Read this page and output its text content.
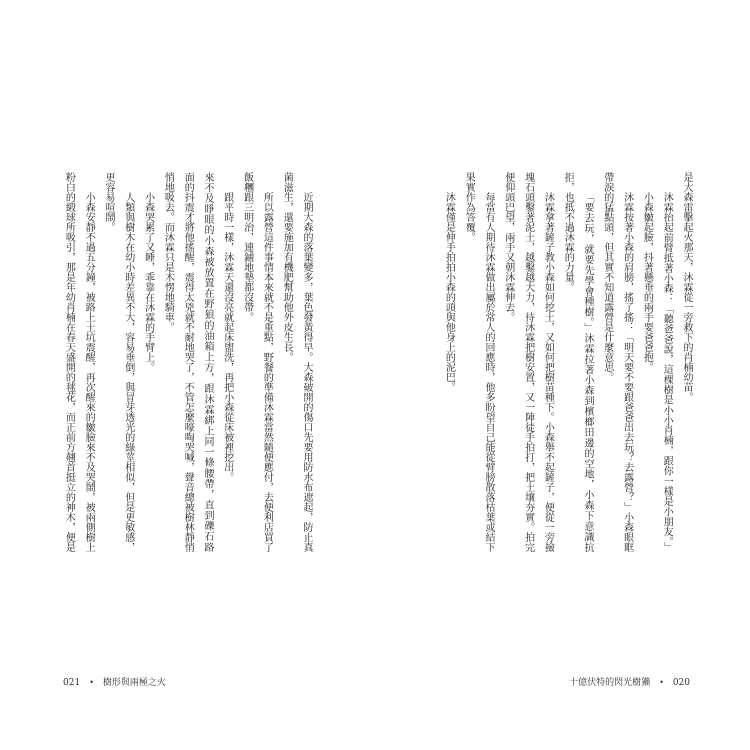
是大森雷擊起火那天，沐霖從一旁救下的肖楠幼苗。
沐霖抬起前臂抵著小森：「聽爸爸說，這棵樹是小小肖楠，跟你一樣是小朋友。」
小森皺起臉，抖著懸垂的兩手要爸爸抱。
沐霖按著小森的肩膀，搖了搖：「明天要不要跟爸爸出去玩？去露營？」小森眼眶
帶淚的猛點頭，但其實不知道露營是什麼意思。
「要去玩，就要先學會種樹。」沐霖拉著小森到檳榔田邊的空地，小森下意識抗
拒，也抵不過沐霖的力量。
沐霖拿著鏟子教小森如何挖土，又如何把樹苗種下。小森舉不起鏟子，便從一旁撿
塊石頭鑿著泥土，越鑿越大力，待沐霖把樹安置，又一陣徒手拍打，把土壤夯實。拍完
便仰頭巴望，兩手又朝沐霖伸去。
每當有人期待沐霖做出屬於常人的回應時，他多盼望自己能從臂膀散落枯葉或結下
果實作為答覆。
沐霖僅是伸手拍拍小森的頭與他身上的泥巴。
十億伏特的閃光樹獺 • 020
近期大森的落葉變多，葉色發黃得早。大森破開的傷口先要用防水布遮起，防止真
菌滋生，還要施加有機肥幫助他外皮生長。
所以露營這件事情本來就不是重點，野餐的準備沐霖當然隨便應付，去便利店買了
飯糰跟三明治，連鋪地墊都沒帶。
跟平時一樣，沐霖天還沒亮就起床盥洗，再把小森從床被裡挖出。
來不及睜眼的小森被放置在野狼的油箱上方，跟沐霖綁上同一條腰帶，直到礫石路
面的抖震才將他搖醒，震得太兇就不耐地哭了，不管怎麼嚎啕哭喊，聲音總被樹林靜悄
悄地吸去。而沐霖只是木愣地騎車。
小森哭累了又睡，乖靠在沐霖的手臂上。
人類與樹木在幼小時差異不大，容易垂倒，與冒芽透光的綠莖相似，但是更敏感，
更容易喧鬧。
小森安靜不過五分鐘，被路上土坑震醒，再次醒來的皺臉來不及哭鬧，被兩側樹上
粉白的緞球所吸引，那是年幼肖楠在春天盛開的毬花，而正前方翹首挺立的神木，便是
021 • 樹形與兩極之火
